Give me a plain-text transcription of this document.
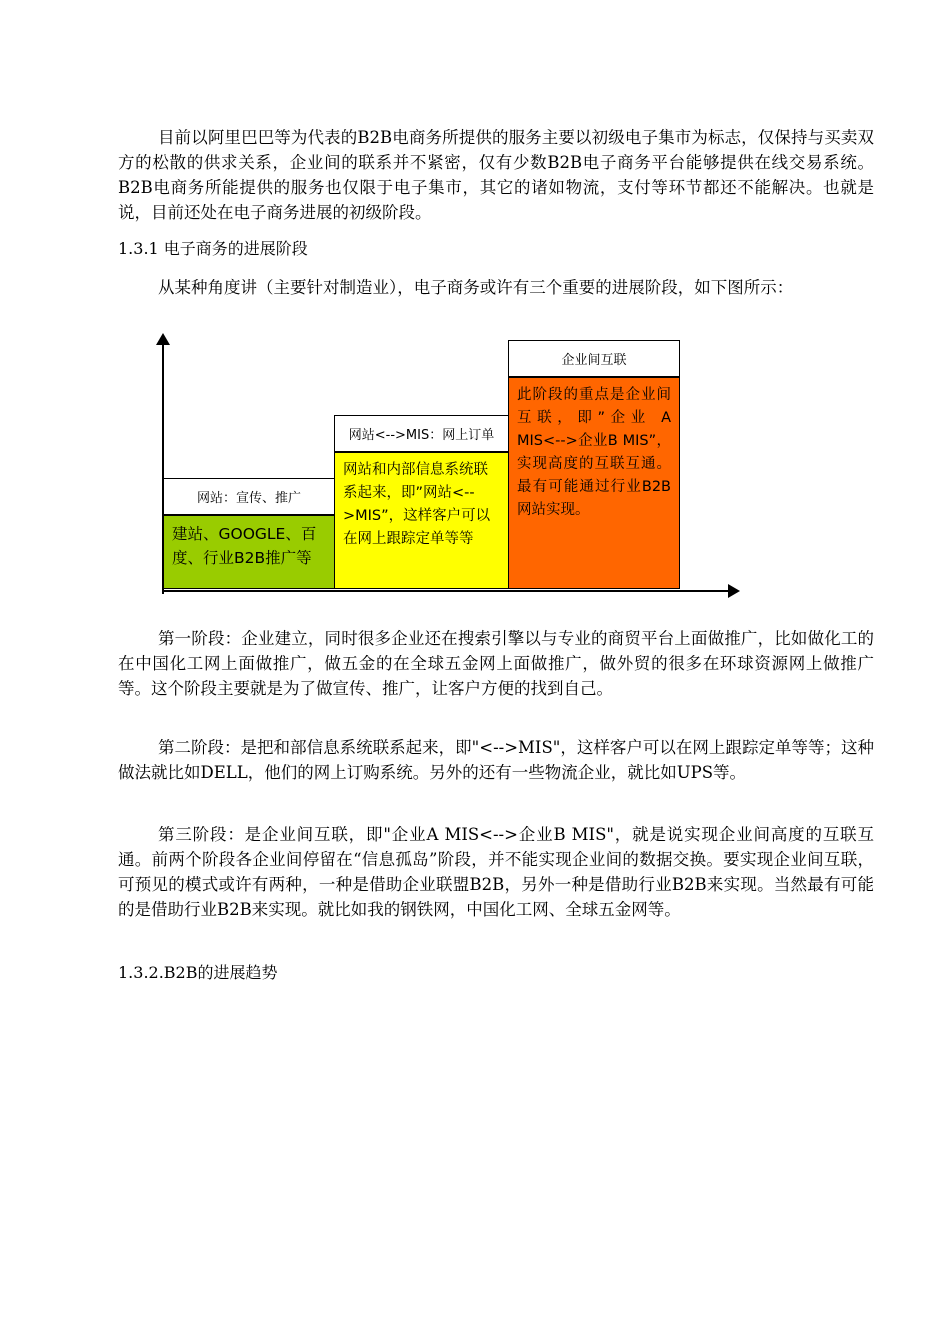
目前以阿里巴巴等为代表的B2B电商务所提供的服务主要以初级电子集市为标志，仅保持与买卖双方的松散的供求关系，企业间的联系并不紧密，仅有少数B2B电子商务平台能够提供在线交易系统。B2B电商务所能提供的服务也仅限于电子集市，其它的诸如物流，支付等环节都还不能解决。也就是说，目前还处在电子商务进展的初级阶段。

1.3.1 电子商务的进展阶段

从某种角度讲（主要针对制造业），电子商务或许有三个重要的进展阶段，如下图所示：

网站：宣传、推广
建站、GOOGLE、百度、行业B2B推广等
网站<-->MIS：网上订单
网站和内部信息系统联系起来，即”网站<-->MIS”，这样客户可以在网上跟踪定单等等
企业间互联
此阶段的重点是企业间互联，即”企业 A MIS<-->企业B MIS”，实现高度的互联互通。最有可能通过行业B2B网站实现。

第一阶段：企业建立，同时很多企业还在搜索引擎以与专业的商贸平台上面做推广，比如做化工的在中国化工网上面做推广，做五金的在全球五金网上面做推广，做外贸的很多在环球资源网上做推广等。这个阶段主要就是为了做宣传、推广，让客户方便的找到自己。

第二阶段：是把和部信息系统联系起来，即"<-->MIS"，这样客户可以在网上跟踪定单等等；这种做法就比如DELL，他们的网上订购系统。另外的还有一些物流企业，就比如UPS等。

第三阶段：是企业间互联，即"企业A MIS<-->企业B MIS"，就是说实现企业间高度的互联互通。前两个阶段各企业间停留在“信息孤岛”阶段，并不能实现企业间的数据交换。要实现企业间互联，可预见的模式或许有两种，一种是借助企业联盟B2B，另外一种是借助行业B2B来实现。当然最有可能的是借助行业B2B来实现。就比如我的钢铁网，中国化工网、全球五金网等。

1.3.2.B2B的进展趋势
